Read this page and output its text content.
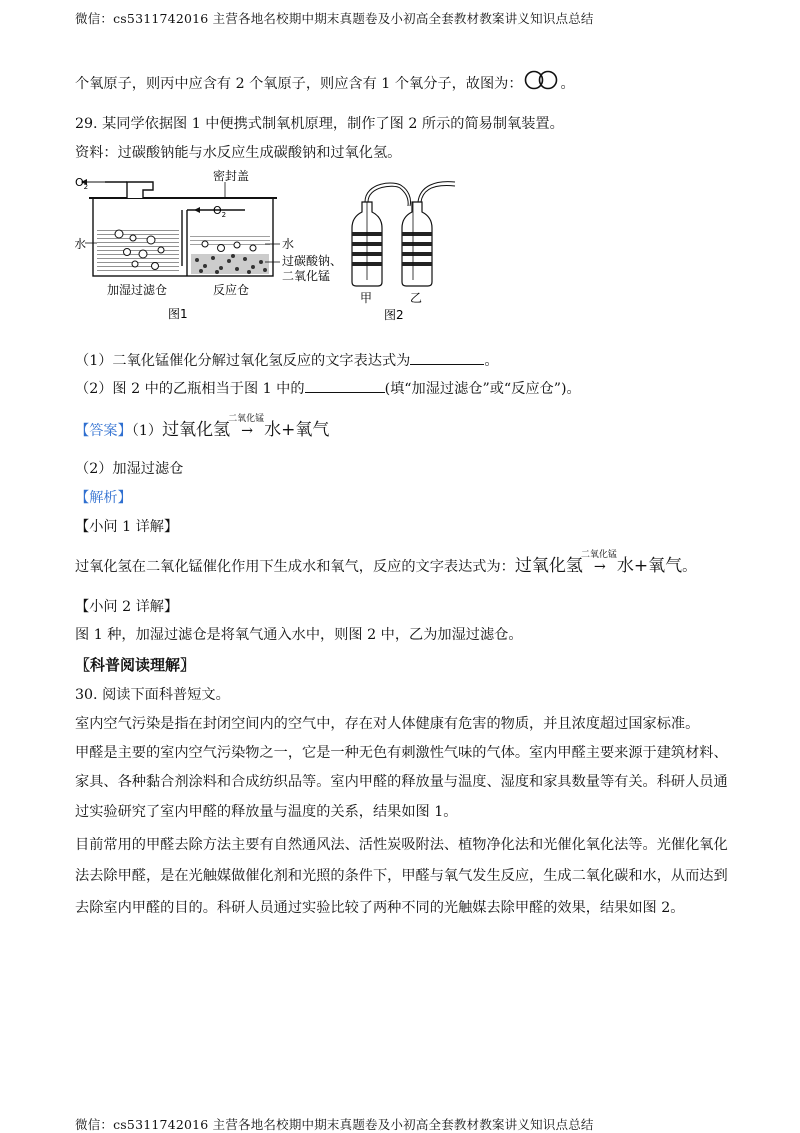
微信：cs5311742016 主营各地名校期中期末真题卷及小初高全套教材教案讲义知识点总结
个氧原子，则丙中应含有 2 个氧原子，则应含有 1 个氧分子，故图为：	。
29. 某同学依据图 1 中便携式制氧机原理，制作了图 2 所示的简易制氧装置。
资料：过碳酸钠能与水反应生成碳酸钠和过氧化氢。
$O_2$
密封盖
$O_2$
水	水
过碳酸钠、
二氧化锰
加湿过滤仓	反应仓
图1
甲	乙
图2
（1）二氧化锰催化分解过氧化氢反应的文字表达式为	。
（2）图 2 中的乙瓶相当于图 1 中的	(填“加湿过滤仓”或“反应仓”)。
【答案】（1）过氧化氢
二氧化锰
→ 水+氧气
（2）加湿过滤仓
【解析】
【小问 1 详解】
过氧化氢在二氧化锰催化作用下生成水和氧气，反应的文字表达式为：过氧化氢
二氧化锰
→ 水+氧气。
【小问 2 详解】
图 1 种，加湿过滤仓是将氧气通入水中，则图 2 中，乙为加湿过滤仓。
〖科普阅读理解〗
30. 阅读下面科普短文。
室内空气污染是指在封闭空间内的空气中，存在对人体健康有危害的物质，并且浓度超过国家标准。
甲醛是主要的室内空气污染物之一，它是一种无色有刺激性气味的气体。室内甲醛主要来源于建筑材料、
家具、各种黏合剂涂料和合成纺织品等。室内甲醛的释放量与温度、湿度和家具数量等有关。科研人员通
过实验研究了室内甲醛的释放量与温度的关系，结果如图 1。
目前常用的甲醛去除方法主要有自然通风法、活性炭吸附法、植物净化法和光催化氧化法等。光催化氧化
法去除甲醛，是在光触媒做催化剂和光照的条件下，甲醛与氧气发生反应，生成二氧化碳和水，从而达到
去除室内甲醛的目的。科研人员通过实验比较了两种不同的光触媒去除甲醛的效果，结果如图 2。
微信：cs5311742016 主营各地名校期中期末真题卷及小初高全套教材教案讲义知识点总结
